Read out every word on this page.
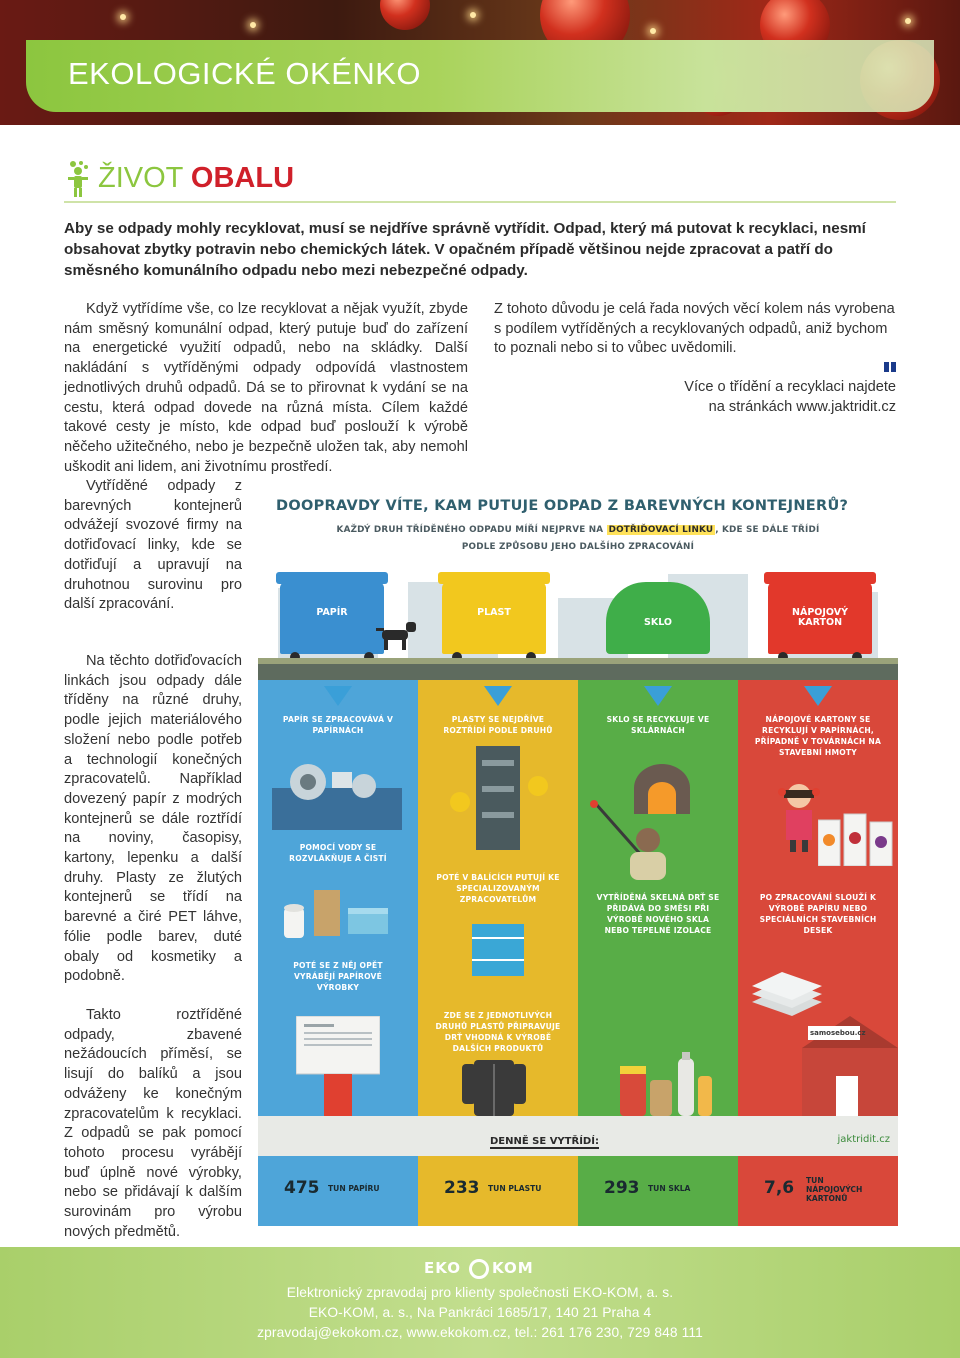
EKOLOGICKÉ OKÉNKO
ŽIVOT OBALU

Aby se odpady mohly recyklovat, musí se nejdříve správně vytřídit. Odpad, který má putovat k recyklaci, nesmí obsahovat zbytky potravin nebo chemických látek. V opačném případě většinou nejde zpracovat a patří do směsného komunálního odpadu nebo mezi nebezpečné odpady.

Když vytřídíme vše, co lze recyklovat a nějak využít, zbyde nám směsný komunální odpad, který putuje buď do zařízení na energetické využití odpadů, nebo na skládky. Další nakládání s vytříděnými odpady odpovídá vlastnostem jednotlivých druhů odpadů. Dá se to přirovnat k vydání se na cestu, která odpad dovede na různá místa. Cílem každé takové cesty je místo, kde odpad buď poslouží k výrobě něčeho užitečného, nebo je bezpečně uložen tak, aby nemohl uškodit ani lidem, ani životnímu prostředí.

Vytříděné odpady z barevných kontejnerů odvážejí svozové firmy na dotřiďovací linky, kde se dotřiďují a upravují na druhotnou surovinu pro další zpracování.

Na těchto dotřiďovacích linkách jsou odpady dále tříděny na různé druhy, podle jejich materiálového složení nebo podle potřeb a technologií konečných zpracovatelů. Například dovezený papír z modrých kontejnerů se dále roztřídí na noviny, časopisy, kartony, lepenku a další druhy. Plasty ze žlutých kontejnerů se třídí na barevné a čiré PET láhve, fólie podle barev, duté obaly od kosmetiky a podobně.

Takto roztříděné odpady, zbavené nežádoucích příměsí, se lisují do balíků a jsou odváženy ke konečným zpracovatelům k recyklaci. Z odpadů se pak pomocí tohoto procesu vyrábějí buď úplně nové výrobky, nebo se přidávají k dalším surovinám pro výrobu nových předmětů.

Z tohoto důvodu je celá řada nových věcí kolem nás vyrobena s podílem vytříděných a recyklovaných odpadů, aniž bychom to poznali nebo si to vůbec uvědomili.

Více o třídění a recyklaci najdete
na stránkách www.jaktridit.cz
DOOPRAVDY VÍTE, KAM PUTUJE ODPAD Z BAREVNÝCH KONTEJNERŮ?
KAŽDÝ DRUH TŘÍDĚNÉHO ODPADU MÍŘÍ NEJPRVE NA DOTŘIĎOVACÍ LINKU , KDE SE DÁLE TŘÍDÍ
PODLE ZPŮSOBU JEHO DALŠÍHO ZPRACOVÁNÍ
PAPÍR	PLAST
SKLO
NÁPOJOVÝ KARTON
PAPÍR SE ZPRACOVÁVÁ V PAPÍRNÁCH
POMOCÍ VODY SE ROZVLÁKŇUJE A ČISTÍ
POTÉ SE Z NĚJ OPĚT VYRÁBĚJÍ PAPÍROVÉ VÝROBKY
PLASTY SE NEJDŘÍVE ROZTŘÍDÍ PODLE DRUHŮ
POTÉ V BALÍCÍCH PUTUJÍ KE SPECIALIZOVANÝM ZPRACOVATELŮM
ZDE SE Z JEDNOTLIVÝCH DRUHŮ PLASTŮ PŘIPRAVUJE DRŤ VHODNÁ K VÝROBĚ DALŠÍCH PRODUKTŮ
SKLO SE RECYKLUJE VE SKLÁRNÁCH
VYTŘÍDĚNÁ SKELNÁ DRŤ SE PŘIDÁVÁ DO SMĚSI PŘI VÝROBĚ NOVÉHO SKLA NEBO TEPELNÉ IZOLACE
NÁPOJOVÉ KARTONY SE RECYKLUJÍ V PAPÍRNÁCH, PŘÍPADNĚ V TOVÁRNÁCH NA STAVEBNÍ HMOTY
PO ZPRACOVÁNÍ SLOUŽÍ K VÝROBĚ PAPÍRU NEBO SPECIÁLNÍCH STAVEBNÍCH DESEK
samosebou.cz
DENNĚ SE VYTŘÍDÍ:	jaktridit.cz
475 TUN PAPÍRU	233 TUN PLASTU	293 TUN SKLA	7,6 TUN NÁPOJOVÝCH KARTONŮ
EKO KOM
Elektronický zpravodaj pro klienty společnosti EKO-KOM, a. s.
EKO-KOM, a. s., Na Pankráci 1685/17, 140 21 Praha 4
zpravodaj@ekokom.cz, www.ekokom.cz, tel.: 261 176 230, 729 848 111
